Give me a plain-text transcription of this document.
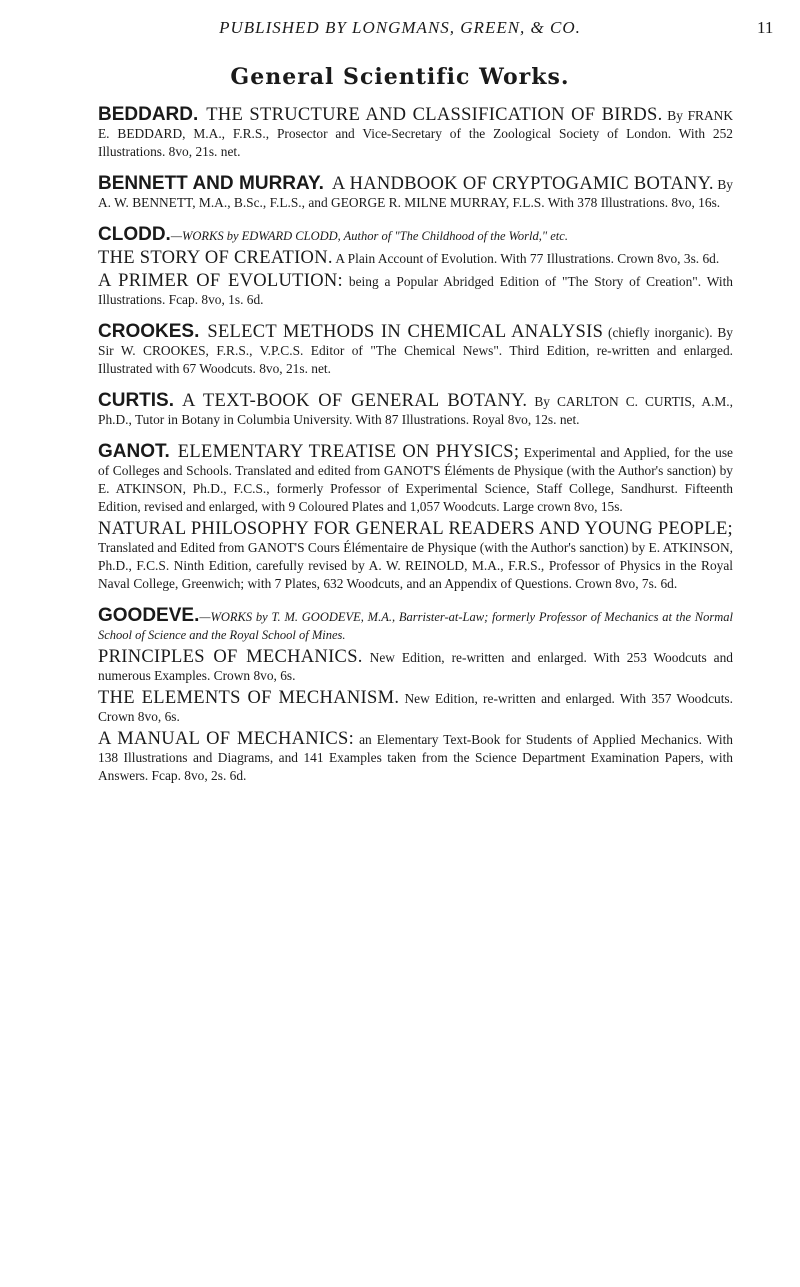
PUBLISHED BY LONGMANS, GREEN, & CO.	11
General Scientific Works.

BEDDARD. THE STRUCTURE AND CLASSIFICATION OF BIRDS. By FRANK E. BEDDARD, M.A., F.R.S., Prosector and Vice-Secretary of the Zoological Society of London. With 252 Illustrations. 8vo, 21s. net.

BENNETT AND MURRAY. A HANDBOOK OF CRYPTOGAMIC BOTANY. By A. W. BENNETT, M.A., B.Sc., F.L.S., and GEORGE R. MILNE MURRAY, F.L.S. With 378 Illustrations. 8vo, 16s.

CLODD.—WORKS by EDWARD CLODD, Author of "The Childhood of the World," etc.

THE STORY OF CREATION. A Plain Account of Evolution. With 77 Illustrations. Crown 8vo, 3s. 6d.

A PRIMER OF EVOLUTION: being a Popular Abridged Edition of "The Story of Creation". With Illustrations. Fcap. 8vo, 1s. 6d.

CROOKES. SELECT METHODS IN CHEMICAL ANALYSIS (chiefly inorganic). By Sir W. CROOKES, F.R.S., V.P.C.S. Editor of "The Chemical News". Third Edition, re-written and enlarged. Illustrated with 67 Woodcuts. 8vo, 21s. net.

CURTIS. A TEXT-BOOK OF GENERAL BOTANY. By CARLTON C. CURTIS, A.M., Ph.D., Tutor in Botany in Columbia University. With 87 Illustrations. Royal 8vo, 12s. net.

GANOT. ELEMENTARY TREATISE ON PHYSICS; Experimental and Applied, for the use of Colleges and Schools. Translated and edited from GANOT'S Éléments de Physique (with the Author's sanction) by E. ATKINSON, Ph.D., F.C.S., formerly Professor of Experimental Science, Staff College, Sandhurst. Fifteenth Edition, revised and enlarged, with 9 Coloured Plates and 1,057 Woodcuts. Large crown 8vo, 15s.

NATURAL PHILOSOPHY FOR GENERAL READERS AND YOUNG PEOPLE; Translated and Edited from GANOT'S Cours Élémentaire de Physique (with the Author's sanction) by E. ATKINSON, Ph.D., F.C.S. Ninth Edition, carefully revised by A. W. REINOLD, M.A., F.R.S., Professor of Physics in the Royal Naval College, Greenwich; with 7 Plates, 632 Woodcuts, and an Appendix of Questions. Crown 8vo, 7s. 6d.

GOODEVE.—WORKS by T. M. GOODEVE, M.A., Barrister-at-Law; formerly Professor of Mechanics at the Normal School of Science and the Royal School of Mines.

PRINCIPLES OF MECHANICS. New Edition, re-written and enlarged. With 253 Woodcuts and numerous Examples. Crown 8vo, 6s.

THE ELEMENTS OF MECHANISM. New Edition, re-written and enlarged. With 357 Woodcuts. Crown 8vo, 6s.

A MANUAL OF MECHANICS: an Elementary Text-Book for Students of Applied Mechanics. With 138 Illustrations and Diagrams, and 141 Examples taken from the Science Department Examination Papers, with Answers. Fcap. 8vo, 2s. 6d.
